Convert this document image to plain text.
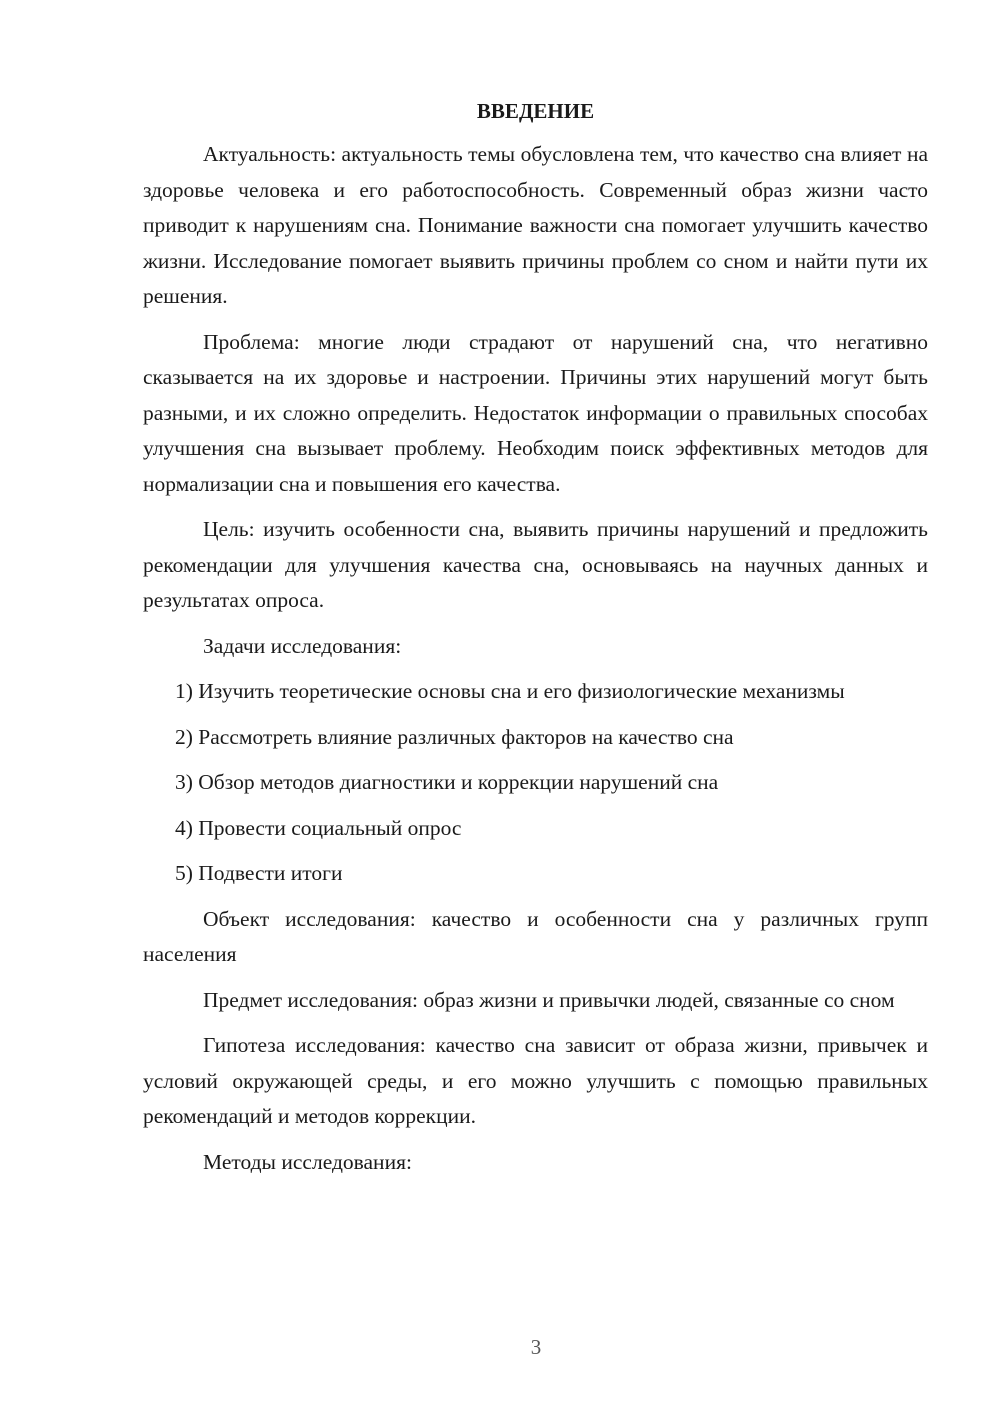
ВВЕДЕНИЕ

Актуальность: актуальность темы обусловлена тем, что качество сна влияет на здоровье человека и его работоспособность. Современный образ жизни часто приводит к нарушениям сна. Понимание важности сна помогает улучшить качество жизни. Исследование помогает выявить причины проблем со сном и найти пути их решения.

Проблема: многие люди страдают от нарушений сна, что негативно сказывается на их здоровье и настроении. Причины этих нарушений могут быть разными, и их сложно определить. Недостаток информации о правильных способах улучшения сна вызывает проблему. Необходим поиск эффективных методов для нормализации сна и повышения его качества.

Цель: изучить особенности сна, выявить причины нарушений и предложить рекомендации для улучшения качества сна, основываясь на научных данных и результатах опроса.

Задачи исследования:

1) Изучить теоретические основы сна и его физиологические механизмы

2) Рассмотреть влияние различных факторов на качество сна

3) Обзор методов диагностики и коррекции нарушений сна

4) Провести социальный опрос

5) Подвести итоги

Объект исследования: качество и особенности сна у различных групп населения

Предмет исследования: образ жизни и привычки людей, связанные со сном

Гипотеза исследования: качество сна зависит от образа жизни, привычек и условий окружающей среды, и его можно улучшить с помощью правильных рекомендаций и методов коррекции.

Методы исследования:

3
